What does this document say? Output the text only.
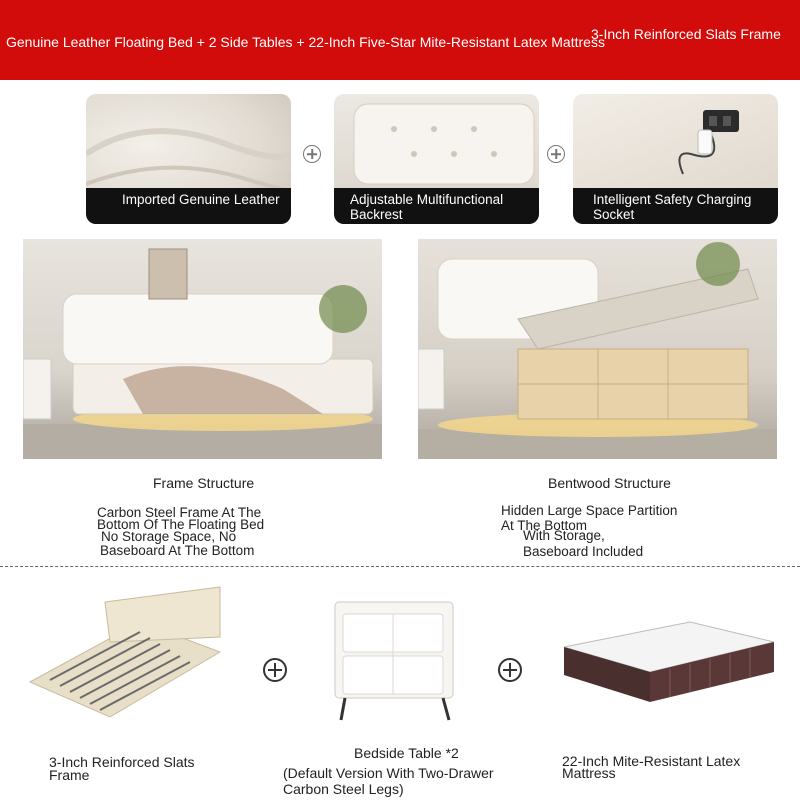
Genuine Leather Floating Bed + 2 Side Tables + 22-Inch Five-Star Mite-Resistant Latex Mattress
3-Inch Reinforced Slats Frame
Imported Genuine Leather	Adjustable Multifunctional Backrest
Intelligent Safety Charging Socket
Frame Structure
Carbon Steel Frame At The
Bottom Of The Floating Bed
No Storage Space, No
Baseboard At The Bottom
Bentwood Structure
Hidden Large Space Partition
At The Bottom
With Storage,
Baseboard Included
3-Inch Reinforced Slats
Frame
Bedside Table *2
(Default Version With Two-Drawer
Carbon Steel Legs)
22-Inch Mite-Resistant Latex
Mattress
